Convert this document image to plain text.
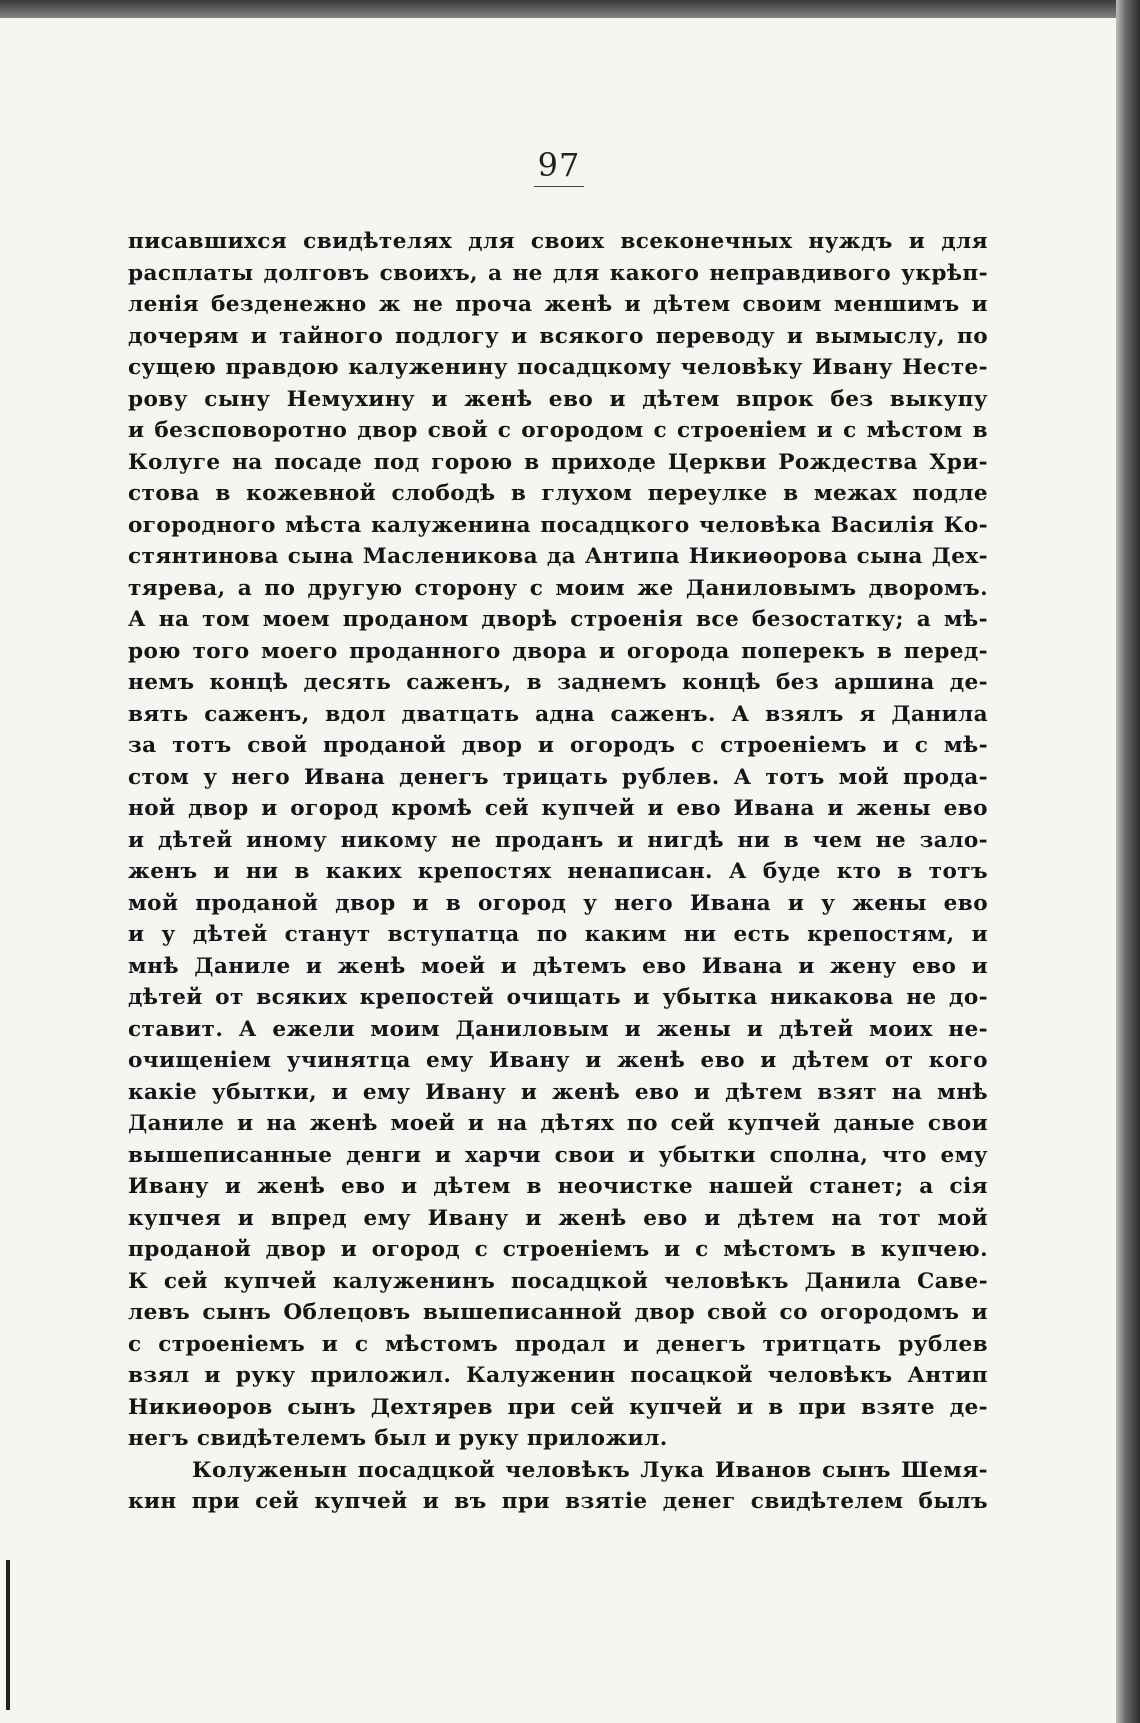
97
писавшихся свидѣтелях для своих всеконечных нуждъ и для
расплаты долговъ своихъ, а не для какого неправдивого укрѣп-
ленія безденежно ж не проча женѣ и дѣтем своим меншимъ и
дочерям и тайного подлогу и всякого переводу и вымыслу, по
сущею правдою калуженину посадцкому человѣку Ивану Несте-
рову сыну Немухину и женѣ ево и дѣтем впрок без выкупу
и безсповоротно двор свой с огородом с строеніем и с мѣстом в
Колуге на посаде под горою в приходе Церкви Рождества Хри-
стова в кожевной слободѣ в глухом переулке в межах подле
огородного мѣста калуженина посадцкого человѣка Василія Ко-
стянтинова сына Масленикова да Антипа Никиѳорова сына Дех-
тярева, а по другую сторону с моим же Даниловымъ дворомъ.
А на том моем проданом дворѣ строенія все безостатку; а мѣ-
рою того моего проданного двора и огорода поперекъ в перед-
немъ концѣ десять саженъ, в заднемъ концѣ без аршина де-
вять саженъ, вдол дватцать адна саженъ. А взялъ я Данила
за тотъ свой проданой двор и огородъ с строеніемъ и с мѣ-
стом у него Ивана денегъ трицать рублев. А тотъ мой прода-
ной двор и огород кромѣ сей купчей и ево Ивана и жены ево
и дѣтей иному никому не проданъ и нигдѣ ни в чем не зало-
женъ и ни в каких крепостях ненаписан. А буде кто в тотъ
мой проданой двор и в огород у него Ивана и у жены ево
и у дѣтей станут вступатца по каким ни есть крепостям, и
мнѣ Даниле и женѣ моей и дѣтемъ ево Ивана и жену ево и
дѣтей от всяких крепостей очищать и убытка никакова не до-
ставит. А ежели моим Даниловым и жены и дѣтей моих не-
очищеніем учинятца ему Ивану и женѣ ево и дѣтем от кого
какіе убытки, и ему Ивану и женѣ ево и дѣтем взят на мнѣ
Даниле и на женѣ моей и на дѣтях по сей купчей даные свои
вышеписанные денги и харчи свои и убытки сполна, что ему
Ивану и женѣ ево и дѣтем в неочистке нашей станет; а сія
купчея и впред ему Ивану и женѣ ево и дѣтем на тот мой
проданой двор и огород с строеніемъ и с мѣстомъ в купчею.
К сей купчей калуженинъ посадцкой человѣкъ Данила Саве-
левъ сынъ Облецовъ вышеписанной двор свой со огородомъ и
с строеніемъ и с мѣстомъ продал и денегъ тритцать рублев
взял и руку приложил. Калуженин посацкой человѣкъ Антип
Никиѳоров сынъ Дехтярев при сей купчей и в при взяте де-
негъ свидѣтелемъ был и руку приложил.
Колуженын посадцкой человѣкъ Лука Иванов сынъ Шемя-
кин при сей купчей и въ при взятіе денег свидѣтелем былъ
